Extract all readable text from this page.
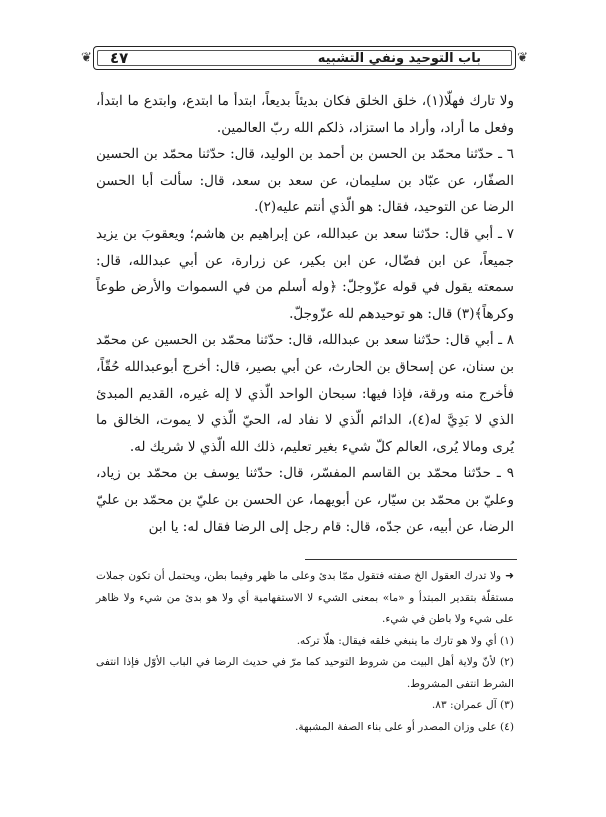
❦ ٤٧	باب التوحيد ونفي التشبيه	❦

ولا تارك فهلّا(١)، خلق الخلق فكان بديئاً بديعاً، ابتدأ ما ابتدع، وابتدع ما ابتدأ، وفعل ما أراد، وأراد ما استزاد، ذلكم الله ربّ العالمين.

٦ ـ حدّثنا محمّد بن الحسن بن أحمد بن الوليد، قال: حدّثنا محمّد بن الحسين الصفّار، عن عبّاد بن سليمان، عن سعد بن سعد، قال: سألت أبا الحسن الرضا عن التوحيد، فقال: هو الّذي أنتم عليه(٢).

٧ ـ أبي قال: حدّثنا سعد بن عبدالله، عن إبراهيم بن هاشم؛ ويعقوبَ بن يزيد جميعاً، عن ابن فضّال، عن ابن بكير، عن زرارة، عن أبي عبدالله، قال: سمعته يقول في قوله عزّوجلّ: ﴿وله أسلم من في السموات والأرض طوعاً وكرهاً﴾(٣) قال: هو توحيدهم لله عزّوجلّ.

٨ ـ أبي قال: حدّثنا سعد بن عبدالله، قال: حدّثنا محمّد بن الحسين عن محمّد بن سنان، عن إسحاق بن الحارث، عن أبي بصير، قال: أخرج أبوعبدالله حُقّاً، فأخرج منه ورقة، فإذا فيها: سبحان الواحد الّذي لا إله غيره، القديم المبدئ الذي لا بَدِيَّ له(٤)، الدائم الّذي لا نفاد له، الحيّ الّذي لا يموت، الخالق ما يُرى ومالا يُرى، العالم كلّ شيء بغير تعليم، ذلك الله الّذي لا شريك له.

٩ ـ حدّثنا محمّد بن القاسم المفسّر، قال: حدّثنا يوسف بن محمّد بن زياد، وعليّ بن محمّد بن سيّار، عن أبويهما، عن الحسن بن عليّ بن محمّد بن عليّ الرضا، عن أبيه، عن جدّه، قال: قام رجل إلى الرضا فقال له: يا ابن

➜ولا تدرك العقول الخ صفته فتقول ممّا بدئ وعلى ما ظهر وفيما بطن، ويحتمل أن تكون جملات مستقلّة بتقدير المبتدأ و «ما» بمعنى الشيء لا الاستفهامية أي ولا هو بدئ من شيء ولا ظاهر على شيء ولا باطن في شيء.

(١) أي ولا هو تارك ما ينبغي خلقه فيقال: هلّا تركه.

(٢) لأنّ ولاية أهل البيت من شروط التوحيد كما مرّ في حديث الرضا في الباب الأوّل فإذا انتفى الشرط انتفى المشروط.

(٣) آل عمران: ٨٣.

(٤) على وزان المصدر أو على بناء الصفة المشبهة.
